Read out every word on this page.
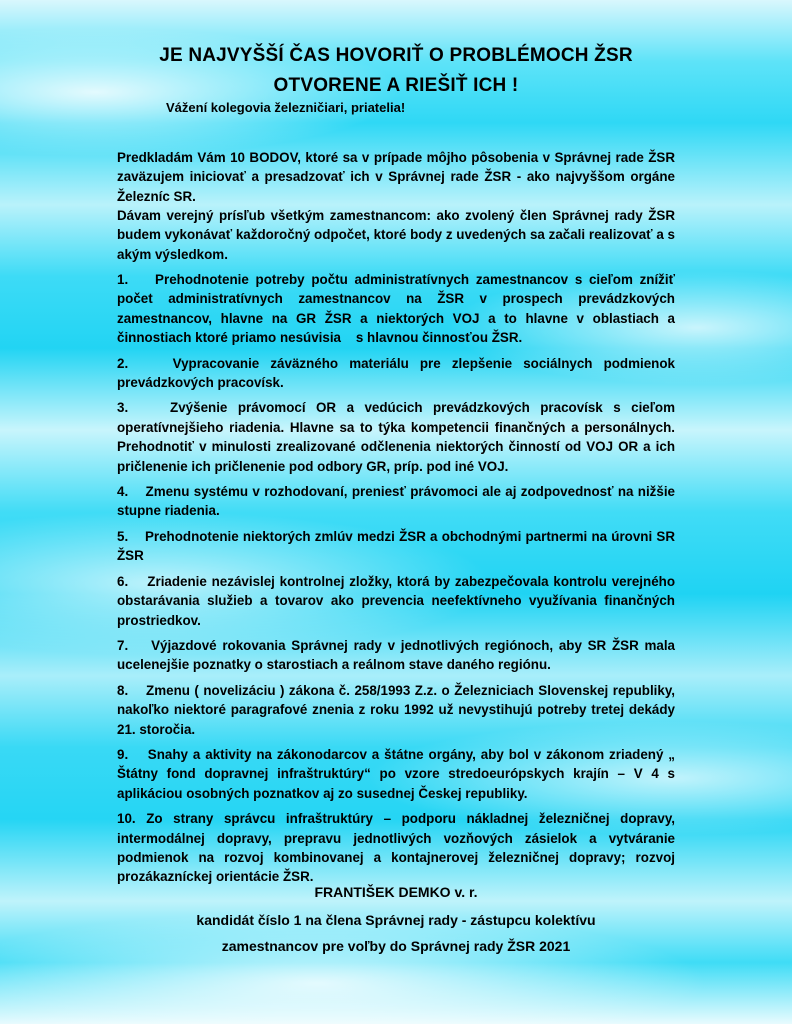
JE NAJVYŠŠÍ ČAS HOVORIŤ O PROBLÉMOCH ŽSR
OTVORENE A RIEŠIŤ ICH !
Vážení kolegovia železničiari, priatelia!
Predkladám Vám 10 BODOV, ktoré sa v prípade môjho pôsobenia v Správnej rade ŽSR zaväzujem iniciovať a presadzovať ich v Správnej rade ŽSR - ako najvyššom orgáne Železníc SR.
Dávam verejný prísľub všetkým zamestnancom: ako zvolený člen Správnej rady ŽSR budem vykonávať každoročný odpočet, ktoré body z uvedených sa začali realizovať a s akým výsledkom.
1.    Prehodnotenie potreby počtu administratívnych zamestnancov s cieľom znížiť počet administratívnych zamestnancov na ŽSR v prospech prevádzkových zamestnancov, hlavne na GR ŽSR a niektorých VOJ a to hlavne v oblastiach a činnostiach ktoré priamo nesúvisia    s hlavnou činnosťou ŽSR.
2.    Vypracovanie záväzného materiálu pre zlepšenie sociálnych podmienok prevádzkových pracovísk.
3.    Zvýšenie právomocí OR a vedúcich prevádzkových pracovísk s cieľom operatívnejšieho riadenia. Hlavne sa to týka kompetencii finančných a personálnych. Prehodnotiť v minulosti zrealizované odčlenenia niektorých činností od VOJ OR a ich pričlenenie ich pričlenenie pod odbory GR, príp. pod iné VOJ.
4.    Zmenu systému v rozhodovaní, preniesť právomoci ale aj zodpovednosť na nižšie stupne riadenia.
5.    Prehodnotenie niektorých zmlúv medzi ŽSR a obchodnými partnermi na úrovni SR ŽSR
6.    Zriadenie nezávislej kontrolnej zložky, ktorá by zabezpečovala kontrolu verejného obstarávania služieb a tovarov ako prevencia neefektívneho využívania finančných prostriedkov.
7.    Výjazdové rokovania Správnej rady v jednotlivých regiónoch, aby SR ŽSR mala ucelenejšie poznatky o starostiach a reálnom stave daného regiónu.
8.    Zmenu ( novelizáciu ) zákona č. 258/1993 Z.z. o Železniciach Slovenskej republiky, nakoľko niektoré paragrafové znenia z roku 1992 už nevystihujú potreby tretej dekády 21. storočia.
9.    Snahy a aktivity na zákonodarcov a štátne orgány, aby bol v zákonom zriadený „ Štátny fond dopravnej infraštruktúry“ po vzore stredoeurópskych krajín – V 4 s aplikáciou osobných poznatkov aj zo susednej Českej republiky.
10. Zo strany správcu infraštruktúry – podporu nákladnej železničnej dopravy, intermodálnej dopravy, prepravu jednotlivých vozňových zásielok a vytváranie podmienok na rozvoj kombinovanej a kontajnerovej železničnej dopravy; rozvoj prozákazníckej orientácie ŽSR.
FRANTIŠEK DEMKO v. r.
kandidát číslo 1 na člena Správnej rady - zástupcu kolektívu
zamestnancov pre voľby do Správnej rady ŽSR 2021
